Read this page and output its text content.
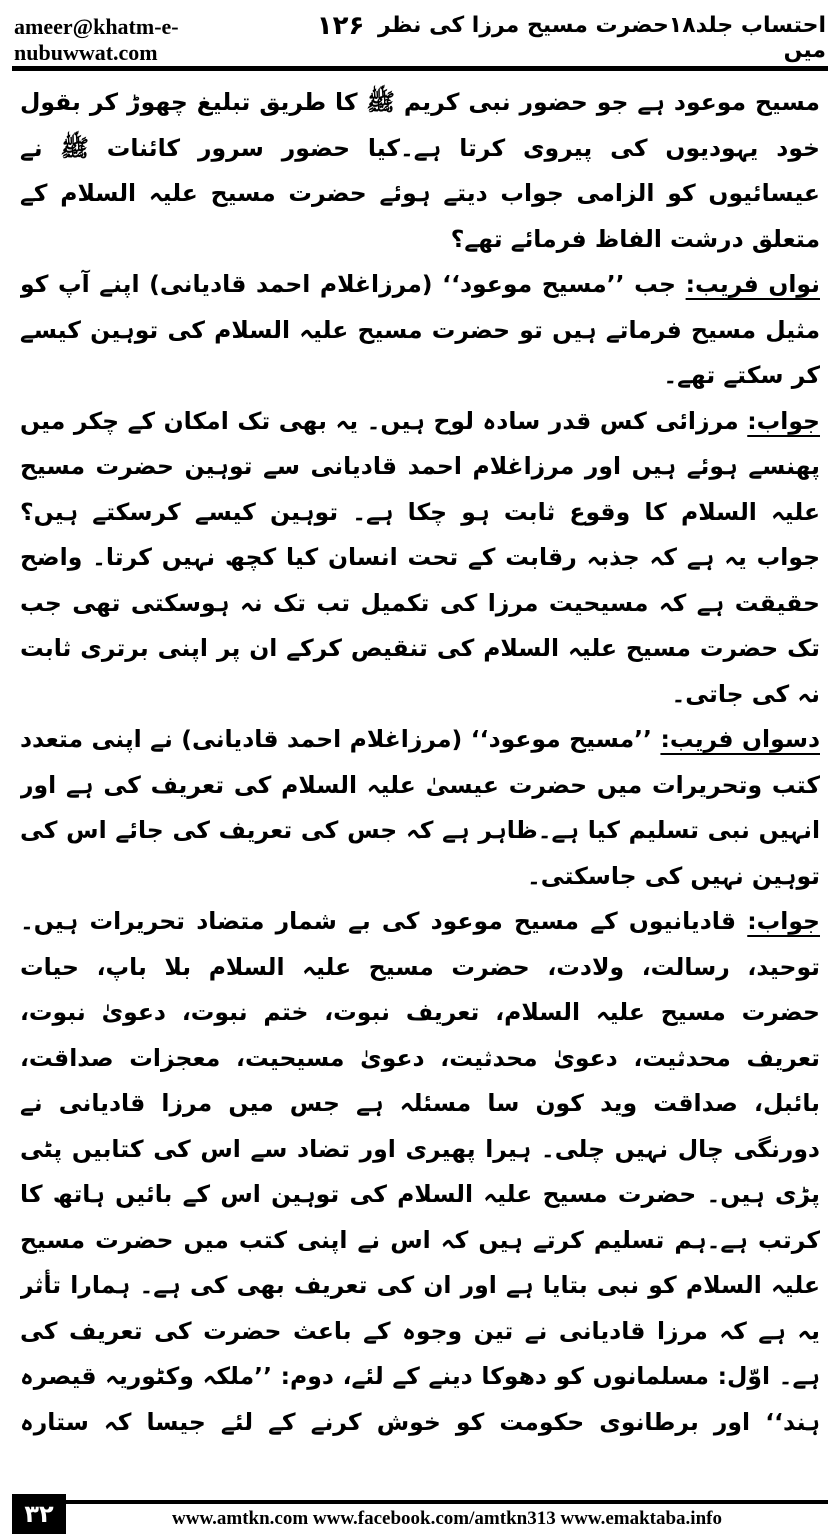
ameer@khatm-e-nubuwwat.com
۱۲۶ احتساب جلد۱۸حضرت مسیح مرزا کی نظر میں

مسیح موعود ہے جو حضور نبی کریم ﷺ کا طریق تبلیغ چھوڑ کر بقول خود یہودیوں کی پیروی کرتا ہے۔کیا حضور سرور کائنات ﷺ نے عیسائیوں کو الزامی جواب دیتے ہوئے حضرت مسیح علیہ السلام کے متعلق درشت الفاظ فرمائے تھے؟

نواں فریب: جب ’’مسیح موعود‘‘ (مرزاغلام احمد قادیانی) اپنے آپ کو مثیل مسیح فرماتے ہیں تو حضرت مسیح علیہ السلام کی توہین کیسے کر سکتے تھے۔

جواب: مرزائی کس قدر سادہ لوح ہیں۔ یہ بھی تک امکان کے چکر میں پھنسے ہوئے ہیں اور مرزاغلام احمد قادیانی سے توہین حضرت مسیح علیہ السلام کا وقوع ثابت ہو چکا ہے۔ توہین کیسے کرسکتے ہیں؟ جواب یہ ہے کہ جذبہ رقابت کے تحت انسان کیا کچھ نہیں کرتا۔ واضح حقیقت ہے کہ مسیحیت مرزا کی تکمیل تب تک نہ ہوسکتی تھی جب تک حضرت مسیح علیہ السلام کی تنقیص کرکے ان پر اپنی برتری ثابت نہ کی جاتی۔

دسواں فریب: ’’مسیح موعود‘‘ (مرزاغلام احمد قادیانی) نے اپنی متعدد کتب وتحریرات میں حضرت عیسیٰ علیہ السلام کی تعریف کی ہے اور انہیں نبی تسلیم کیا ہے۔ظاہر ہے کہ جس کی تعریف کی جائے اس کی توہین نہیں کی جاسکتی۔

جواب: قادیانیوں کے مسیح موعود کی بے شمار متضاد تحریرات ہیں۔ توحید، رسالت، ولادت، حضرت مسیح علیہ السلام بلا باپ، حیات حضرت مسیح علیہ السلام، تعریف نبوت، ختم نبوت، دعویٰ نبوت، تعریف محدثیت، دعویٰ محدثیت، دعویٰ مسیحیت، معجزات صداقت، بائبل، صداقت وید کون سا مسئلہ ہے جس میں مرزا قادیانی نے دورنگی چال نہیں چلی۔ ہیرا پھیری اور تضاد سے اس کی کتابیں پٹی پڑی ہیں۔ حضرت مسیح علیہ السلام کی توہین اس کے بائیں ہاتھ کا کرتب ہے۔ہم تسلیم کرتے ہیں کہ اس نے اپنی کتب میں حضرت مسیح علیہ السلام کو نبی بتایا ہے اور ان کی تعریف بھی کی ہے۔ ہمارا تأثر یہ ہے کہ مرزا قادیانی نے تین وجوہ کے باعث حضرت کی تعریف کی ہے۔ اوّل: مسلمانوں کو دھوکا دینے کے لئے، دوم: ’’ملکہ وکٹوریہ قیصرہ ہند‘‘ اور برطانوی حکومت کو خوش کرنے کے لئے جیسا کہ ستارہ

۳۲	www.amtkn.com www.facebook.com/amtkn313 www.emaktaba.info
